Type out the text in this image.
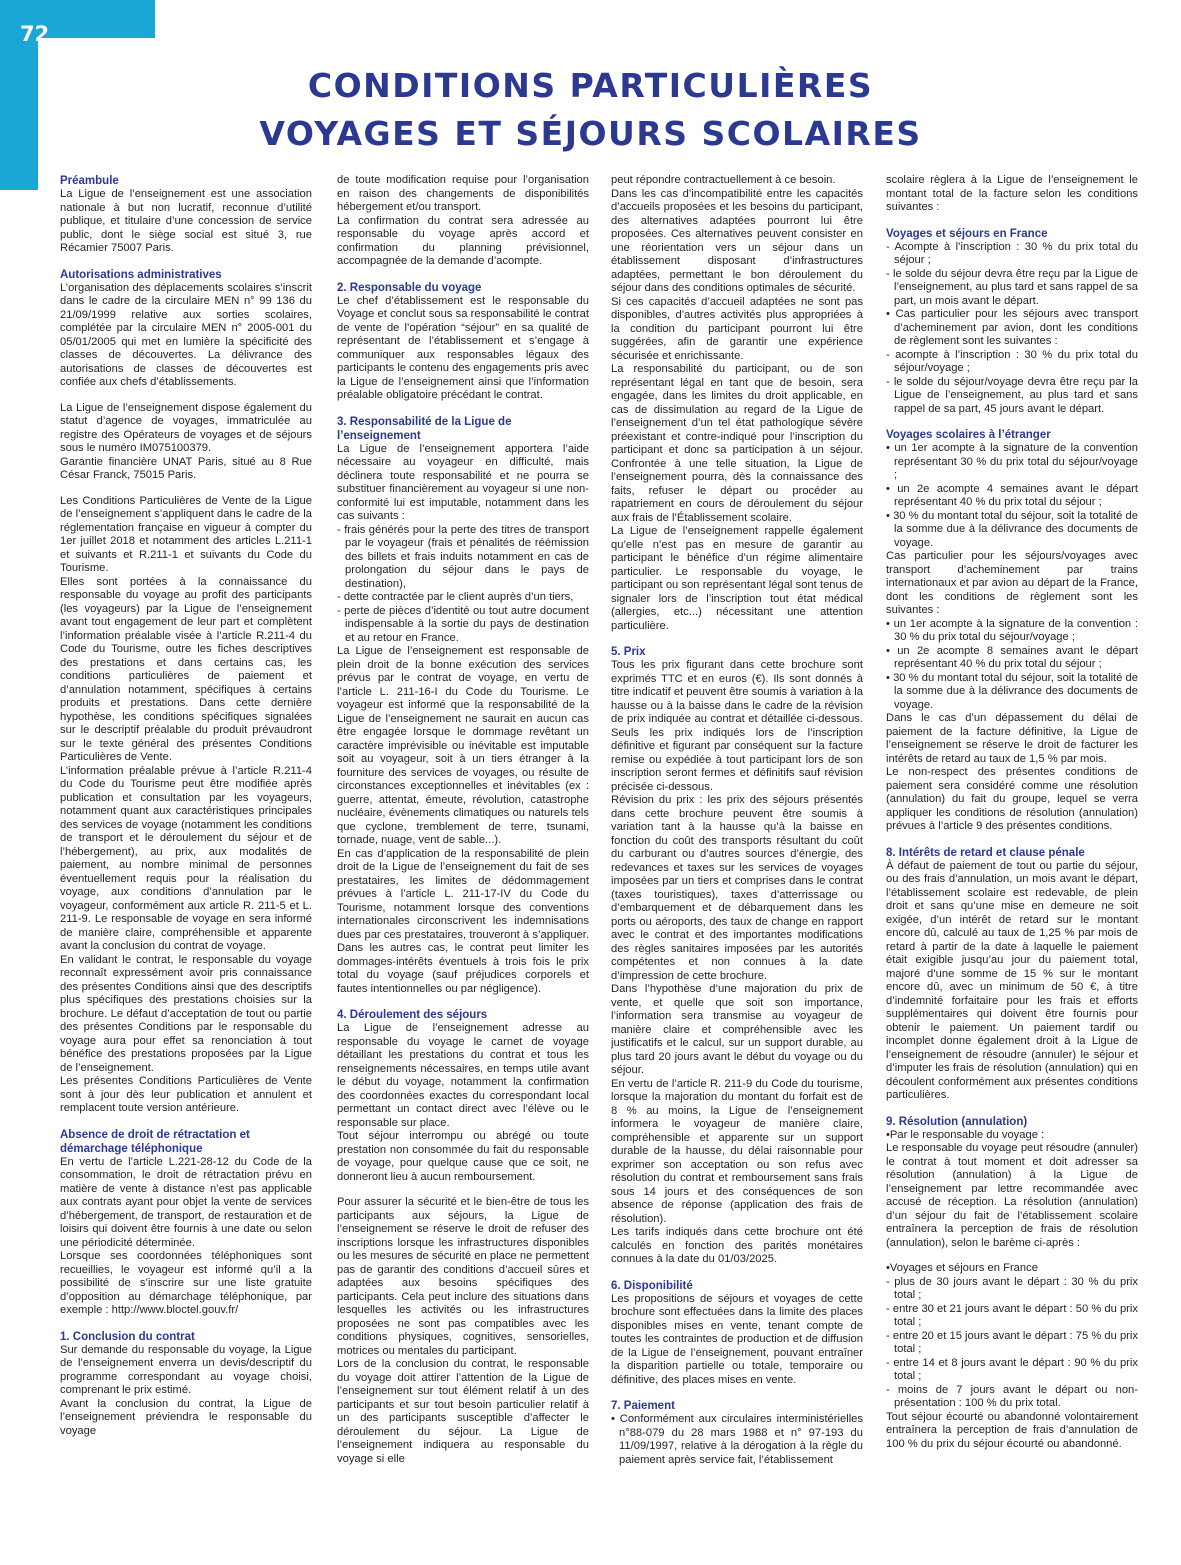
72
CONDITIONS PARTICULIÈRES
VOYAGES ET SÉJOURS SCOLAIRES
Préambule

La Ligue de l’enseignement est une association nationale à but non lucratif, reconnue d’utilité publique, et titulaire d’une concession de service public, dont le siège social est situé 3, rue Récamier 75007 Paris.

Autorisations administratives

L’organisation des déplacements scolaires s’inscrit dans le cadre de la circulaire MEN n° 99 136 du 21/09/1999 relative aux sorties scolaires, complétée par la circulaire MEN n° 2005-001 du 05/01/2005 qui met en lumière la spécificité des classes de découvertes. La délivrance des autorisations de classes de découvertes est confiée aux chefs d’établissements.

La Ligue de l’enseignement dispose également du statut d’agence de voyages, immatriculée au registre des Opérateurs de voyages et de séjours sous le numéro IM075100379.

Garantie financière UNAT Paris, situé au 8 Rue César Franck, 75015 Paris.

Les Conditions Particulières de Vente de la Ligue de l’enseignement s’appliquent dans le cadre de la réglementation française en vigueur à compter du 1er juillet 2018 et notamment des articles L.211-1 et suivants et R.211-1 et suivants du Code du Tourisme.

Elles sont portées à la connaissance du responsable du voyage au profit des participants (les voyageurs) par la Ligue de l’enseignement avant tout engagement de leur part et complètent l’information préalable visée à l’article R.211-4 du Code du Tourisme, outre les fiches descriptives des prestations et dans certains cas, les conditions particulières de paiement et d’annulation notamment, spécifiques à certains produits et prestations. Dans cette dernière hypothèse, les conditions spécifiques signalées sur le descriptif préalable du produit prévaudront sur le texte général des présentes Conditions Particulières de Vente.

L’information préalable prévue à l’article R.211-4 du Code du Tourisme peut être modifiée après publication et consultation par les voyageurs, notamment quant aux caractéristiques principales des services de voyage (notamment les conditions de transport et le déroulement du séjour et de l’hébergement), au prix, aux modalités de paiement, au nombre minimal de personnes éventuellement requis pour la réalisation du voyage, aux conditions d’annulation par le voyageur, conformément aux article R. 211-5 et L. 211-9. Le responsable de voyage en sera informé de manière claire, compréhensible et apparente avant la conclusion du contrat de voyage.

En validant le contrat, le responsable du voyage reconnaît expressément avoir pris connaissance des présentes Conditions ainsi que des descriptifs plus spécifiques des prestations choisies sur la brochure. Le défaut d’acceptation de tout ou partie des présentes Conditions par le responsable du voyage aura pour effet sa renonciation à tout bénéfice des prestations proposées par la Ligue de l’enseignement.

Les présentes Conditions Particulières de Vente sont à jour dès leur publication et annulent et remplacent toute version antérieure.

Absence de droit de rétractation et démarchage téléphonique

En vertu de l’article L.221-28-12 du Code de la consommation, le droit de rétractation prévu en matière de vente à distance n’est pas applicable aux contrats ayant pour objet la vente de services d’hébergement, de transport, de restauration et de loisirs qui doivent être fournis à une date ou selon une périodicité déterminée.

Lorsque ses coordonnées téléphoniques sont recueillies, le voyageur est informé qu’il a la possibilité de s’inscrire sur une liste gratuite d’opposition au démarchage téléphonique, par exemple : http://www.bloctel.gouv.fr/

1. Conclusion du contrat

Sur demande du responsable du voyage, la Ligue de l’enseignement enverra un devis/descriptif du programme correspondant au voyage choisi, comprenant le prix estimé.

Avant la conclusion du contrat, la Ligue de l’enseignement préviendra le responsable du voyage

de toute modification requise pour l’organisation en raison des changements de disponibilités hébergement et/ou transport.

La confirmation du contrat sera adressée au responsable du voyage après accord et confirmation du planning prévisionnel, accompagnée de la demande d’acompte.

2. Responsable du voyage

Le chef d’établissement est le responsable du Voyage et conclut sous sa responsabilité le contrat de vente de l’opération “séjour” en sa qualité de représentant de l’établissement et s’engage à communiquer aux responsables légaux des participants le contenu des engagements pris avec la Ligue de l’enseignement ainsi que l’information préalable obligatoire précédant le contrat.

3. Responsabilité de la Ligue de l’enseignement

La Ligue de l’enseignement apportera l’aide nécessaire au voyageur en difficulté, mais déclinera toute responsabilité et ne pourra se substituer financièrement au voyageur si une non-conformité lui est imputable, notamment dans les cas suivants :

- frais générés pour la perte des titres de transport par le voyageur (frais et pénalités de réémission des billets et frais induits notamment en cas de prolongation du séjour dans le pays de destination),

- dette contractée par le client auprès d’un tiers,

- perte de pièces d’identité ou tout autre document indispensable à la sortie du pays de destination et au retour en France.

La Ligue de l’enseignement est responsable de plein droit de la bonne exécution des services prévus par le contrat de voyage, en vertu de l’article L. 211-16-I du Code du Tourisme. Le voyageur est informé que la responsabilité de la Ligue de l’enseignement ne saurait en aucun cas être engagée lorsque le dommage revêtant un caractère imprévisible ou inévitable est imputable soit au voyageur, soit à un tiers étranger à la fourniture des services de voyages, ou résulte de circonstances exceptionnelles et inévitables (ex : guerre, attentat, émeute, révolution, catastrophe nucléaire, évènements climatiques ou naturels tels que cyclone, tremblement de terre, tsunami, tornade, nuage, vent de sable...).

En cas d’application de la responsabilité de plein droit de la Ligue de l’enseignement du fait de ses prestataires, les limites de dédommagement prévues à l’article L. 211-17-IV du Code du Tourisme, notamment lorsque des conventions internationales circonscrivent les indemnisations dues par ces prestataires, trouveront à s’appliquer. Dans les autres cas, le contrat peut limiter les dommages-intérêts éventuels à trois fois le prix total du voyage (sauf préjudices corporels et fautes intentionnelles ou par négligence).

4. Déroulement des séjours

La Ligue de l’enseignement adresse au responsable du voyage le carnet de voyage détaillant les prestations du contrat et tous les renseignements nécessaires, en temps utile avant le début du voyage, notamment la confirmation des coordonnées exactes du correspondant local permettant un contact direct avec l’élève ou le responsable sur place.

Tout séjour interrompu ou abrégé ou toute prestation non consommée du fait du responsable de voyage, pour quelque cause que ce soit, ne donneront lieu à aucun remboursement.

Pour assurer la sécurité et le bien-être de tous les participants aux séjours, la Ligue de l’enseignement se réserve le droit de refuser des inscriptions lorsque les infrastructures disponibles ou les mesures de sécurité en place ne permettent pas de garantir des conditions d’accueil sûres et adaptées aux besoins spécifiques des participants. Cela peut inclure des situations dans lesquelles les activités ou les infrastructures proposées ne sont pas compatibles avec les conditions physiques, cognitives, sensorielles, motrices ou mentales du participant.

Lors de la conclusion du contrat, le responsable du voyage doit attirer l’attention de la Ligue de l’enseignement sur tout élément relatif à un des participants et sur tout besoin particulier relatif à un des participants susceptible d’affecter le déroulement du séjour. La Ligue de l’enseignement indiquera au responsable du voyage si elle

peut répondre contractuellement à ce besoin.

Dans les cas d’incompatibilité entre les capacités d’accueils proposées et les besoins du participant, des alternatives adaptées pourront lui être proposées. Ces alternatives peuvent consister en une réorientation vers un séjour dans un établissement disposant d’infrastructures adaptées, permettant le bon déroulement du séjour dans des conditions optimales de sécurité.

Si ces capacités d’accueil adaptées ne sont pas disponibles, d’autres activités plus appropriées à la condition du participant pourront lui être suggérées, afin de garantir une expérience sécurisée et enrichissante.

La responsabilité du participant, ou de son représentant légal en tant que de besoin, sera engagée, dans les limites du droit applicable, en cas de dissimulation au regard de la Ligue de l’enseignement d’un tel état pathologique sévère préexistant et contre-indiqué pour l’inscription du participant et donc sa participation à un séjour. Confrontée à une telle situation, la Ligue de l’enseignement pourra, dès la connaissance des faits, refuser le départ ou procéder au rapatriement en cours de déroulement du séjour aux frais de l’Établissement scolaire.

La Ligue de l’enseignement rappelle également qu’elle n’est pas en mesure de garantir au participant le bénéfice d’un régime alimentaire particulier. Le responsable du voyage, le participant ou son représentant légal sont tenus de signaler lors de l’inscription tout état médical (allergies, etc...) nécessitant une attention particulière.

5. Prix

Tous les prix figurant dans cette brochure sont exprimés TTC et en euros (€). Ils sont donnés à titre indicatif et peuvent être soumis à variation à la hausse ou à la baisse dans le cadre de la révision de prix indiquée au contrat et détaillée ci-dessous. Seuls les prix indiqués lors de l’inscription définitive et figurant par conséquent sur la facture remise ou expédiée à tout participant lors de son inscription seront fermes et définitifs sauf révision précisée ci-dessous.

Révision du prix : les prix des séjours présentés dans cette brochure peuvent être soumis à variation tant à la hausse qu’à la baisse en fonction du coût des transports résultant du coût du carburant ou d’autres sources d’énergie, des redevances et taxes sur les services de voyages imposées par un tiers et comprises dans le contrat (taxes touristiques), taxes d’atterrissage ou d’embarquement et de débarquement dans les ports ou aéroports, des taux de change en rapport avec le contrat et des importantes modifications des règles sanitaires imposées par les autorités compétentes et non connues à la date d’impression de cette brochure.

Dans l’hypothèse d’une majoration du prix de vente, et quelle que soit son importance, l’information sera transmise au voyageur de manière claire et compréhensible avec les justificatifs et le calcul, sur un support durable, au plus tard 20 jours avant le début du voyage ou du séjour.

En vertu de l’article R. 211-9 du Code du tourisme, lorsque la majoration du montant du forfait est de 8 % au moins, la Ligue de l’enseignement informera le voyageur de manière claire, compréhensible et apparente sur un support durable de la hausse, du délai raisonnable pour exprimer son acceptation ou son refus avec résolution du contrat et remboursement sans frais sous 14 jours et des conséquences de son absence de réponse (application des frais de résolution).

Les tarifs indiqués dans cette brochure ont été calculés en fonction des parités monétaires connues à la date du 01/03/2025.

6. Disponibilité

Les propositions de séjours et voyages de cette brochure sont effectuées dans la limite des places disponibles mises en vente, tenant compte de toutes les contraintes de production et de diffusion de la Ligue de l’enseignement, pouvant entraîner la disparition partielle ou totale, temporaire ou définitive, des places mises en vente.

7. Paiement

• Conformément aux circulaires interministérielles n°88-079 du 28 mars 1988 et n° 97-193 du 11/09/1997, relative à la dérogation à la règle du paiement après service fait, l’établissement

scolaire règlera à la Ligue de l’enseignement le montant total de la facture selon les conditions suivantes :

Voyages et séjours en France

- Acompte à l’inscription : 30 % du prix total du séjour ;

- le solde du séjour devra être reçu par la Ligue de l’enseignement, au plus tard et sans rappel de sa part, un mois avant le départ.

• Cas particulier pour les séjours avec transport d’acheminement par avion, dont les conditions de règlement sont les suivantes :

- acompte à l’inscription : 30 % du prix total du séjour/voyage ;

- le solde du séjour/voyage devra être reçu par la Ligue de l’enseignement, au plus tard et sans rappel de sa part, 45 jours avant le départ.

Voyages scolaires à l’étranger

• un 1er acompte à la signature de la convention représentant 30 % du prix total du séjour/voyage ;

• un 2e acompte 4 semaines avant le départ représentant 40 % du prix total du séjour ;

• 30 % du montant total du séjour, soit la totalité de la somme due à la délivrance des documents de voyage.

Cas particulier pour les séjours/voyages avec transport d’acheminement par trains internationaux et par avion au départ de la France, dont les conditions de règlement sont les suivantes :

• un 1er acompte à la signature de la convention : 30 % du prix total du séjour/voyage ;

• un 2e acompte 8 semaines avant le départ représentant 40 % du prix total du séjour ;

• 30 % du montant total du séjour, soit la totalité de la somme due à la délivrance des documents de voyage.

Dans le cas d’un dépassement du délai de paiement de la facture définitive, la Ligue de l’enseignement se réserve le droit de facturer les intérêts de retard au taux de 1,5 % par mois.

Le non-respect des présentes conditions de paiement sera considéré comme une résolution (annulation) du fait du groupe, lequel se verra appliquer les conditions de résolution (annulation) prévues à l’article 9 des présentes conditions.

8. Intérêts de retard et clause pénale

À défaut de paiement de tout ou partie du séjour, ou des frais d’annulation, un mois avant le départ, l’établissement scolaire est redevable, de plein droit et sans qu’une mise en demeure ne soit exigée, d’un intérêt de retard sur le montant encore dû, calculé au taux de 1,25 % par mois de retard à partir de la date à laquelle le paiement était exigible jusqu’au jour du paiement total, majoré d’une somme de 15 % sur le montant encore dû, avec un minimum de 50 €, à titre d’indemnité forfaitaire pour les frais et efforts supplémentaires qui doivent être fournis pour obtenir le paiement. Un paiement tardif ou incomplet donne également droit à la Ligue de l’enseignement de résoudre (annuler) le séjour et d’imputer les frais de résolution (annulation) qui en découlent conformément aux présentes conditions particulières.

9. Résolution (annulation)

•Par le responsable du voyage :

Le responsable du voyage peut résoudre (annuler) le contrat à tout moment et doit adresser sa résolution (annulation) à la Ligue de l’enseignement par lettre recommandée avec accusé de réception. La résolution (annulation) d’un séjour du fait de l’établissement scolaire entraînera la perception de frais de résolution (annulation), selon le barème ci-après :

•Voyages et séjours en France

- plus de 30 jours avant le départ : 30 % du prix total ;

- entre 30 et 21 jours avant le départ : 50 % du prix total ;

- entre 20 et 15 jours avant le départ : 75 % du prix total ;

- entre 14 et 8 jours avant le départ : 90 % du prix total ;

- moins de 7 jours avant le départ ou non- présentation : 100 % du prix total.

Tout séjour écourté ou abandonné volontairement entraînera la perception de frais d’annulation de 100 % du prix du séjour écourté ou abandonné.
